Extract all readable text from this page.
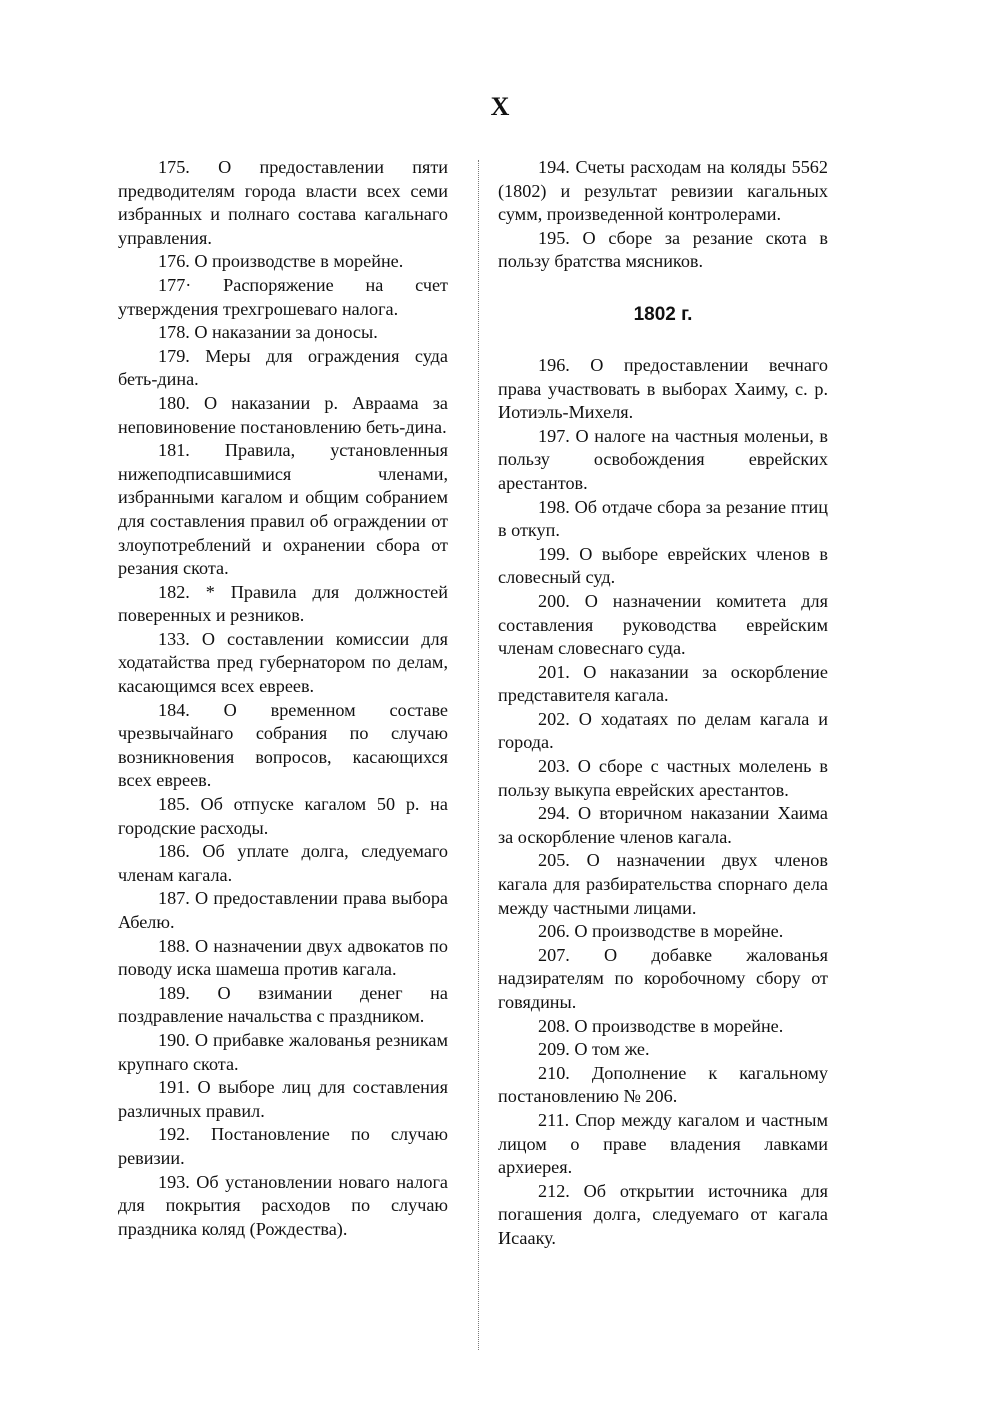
X

175. О предоставлении пяти предводителям города власти всех семи избранных и полнаго состава кагальнаго управления.

176. О производстве в морейне.

177· Распоряжение на счет утверждения трехгрошеваго налога.

178. О наказании за доносы.

179. Меры для ограждения суда беть-дина.

180. О наказании р. Авраама за неповиновение постановлению беть-дина.

181. Правила, установленныя нижеподписавшимися членами, избранными кагалом и общим собранием для составления правил об ограждении от злоупотреблений и охранении сбора от резания скота.

182. * Правила для должностей поверенных и резников.

133. О составлении комиссии для ходатайства пред губернатором по делам, касающимся всех евреев.

184. О временном составе чрезвычайнаго собрания по случаю возникновения вопросов, касающихся всех евреев.

185. Об отпуске кагалом 50 р. на городские расходы.

186. Об уплате долга, следуемаго членам кагала.

187. О предоставлении права выбора Абелю.

188. О назначении двух адвокатов по поводу иска шамеша против кагала.

189. О взимании денег на поздравление начальства с праздником.

190. О прибавке жалованья резникам крупнаго скота.

191. О выборе лиц для составления различных правил.

192. Постановление по случаю ревизии.

193. Об установлении новаго налога для покрытия расходов по случаю праздника коляд (Рождества).

194. Счеты расходам на коляды 5562 (1802) и результат ревизии кагальных сумм, произведенной контролерами.

195. О сборе за резание скота в пользу братства мясников.

1802 г.

196. О предоставлении вечнаго права участвовать в выборах Хаиму, с. р. Иотиэль-Михеля.

197. О налоге на частныя моленьи, в пользу освобождения еврейских арестантов.

198. Об отдаче сбора за резание птиц в откуп.

199. О выборе еврейских членов в словесный суд.

200. О назначении комитета для составления руководства еврейским членам словеснаго суда.

201. О наказании за оскорбление представителя кагала.

202. О ходатаях по делам кагала и города.

203. О сборе с частных молелень в пользу выкупа еврейских арестантов.

294. О вторичном наказании Хаима за оскорбление членов кагала.

205. О назначении двух членов кагала для разбирательства спорнаго дела между частными лицами.

206. О производстве в морейне.

207. О добавке жалованья надзирателям по коробочному сбору от говядины.

208. О производстве в морейне.

209. О том же.

210. Дополнение к кагальному постановлению № 206.

211. Спор между кагалом и частным лицом о праве владения лавками архиерея.

212. Об открытии источника для погашения долга, следуемаго от кагала Исааку.
